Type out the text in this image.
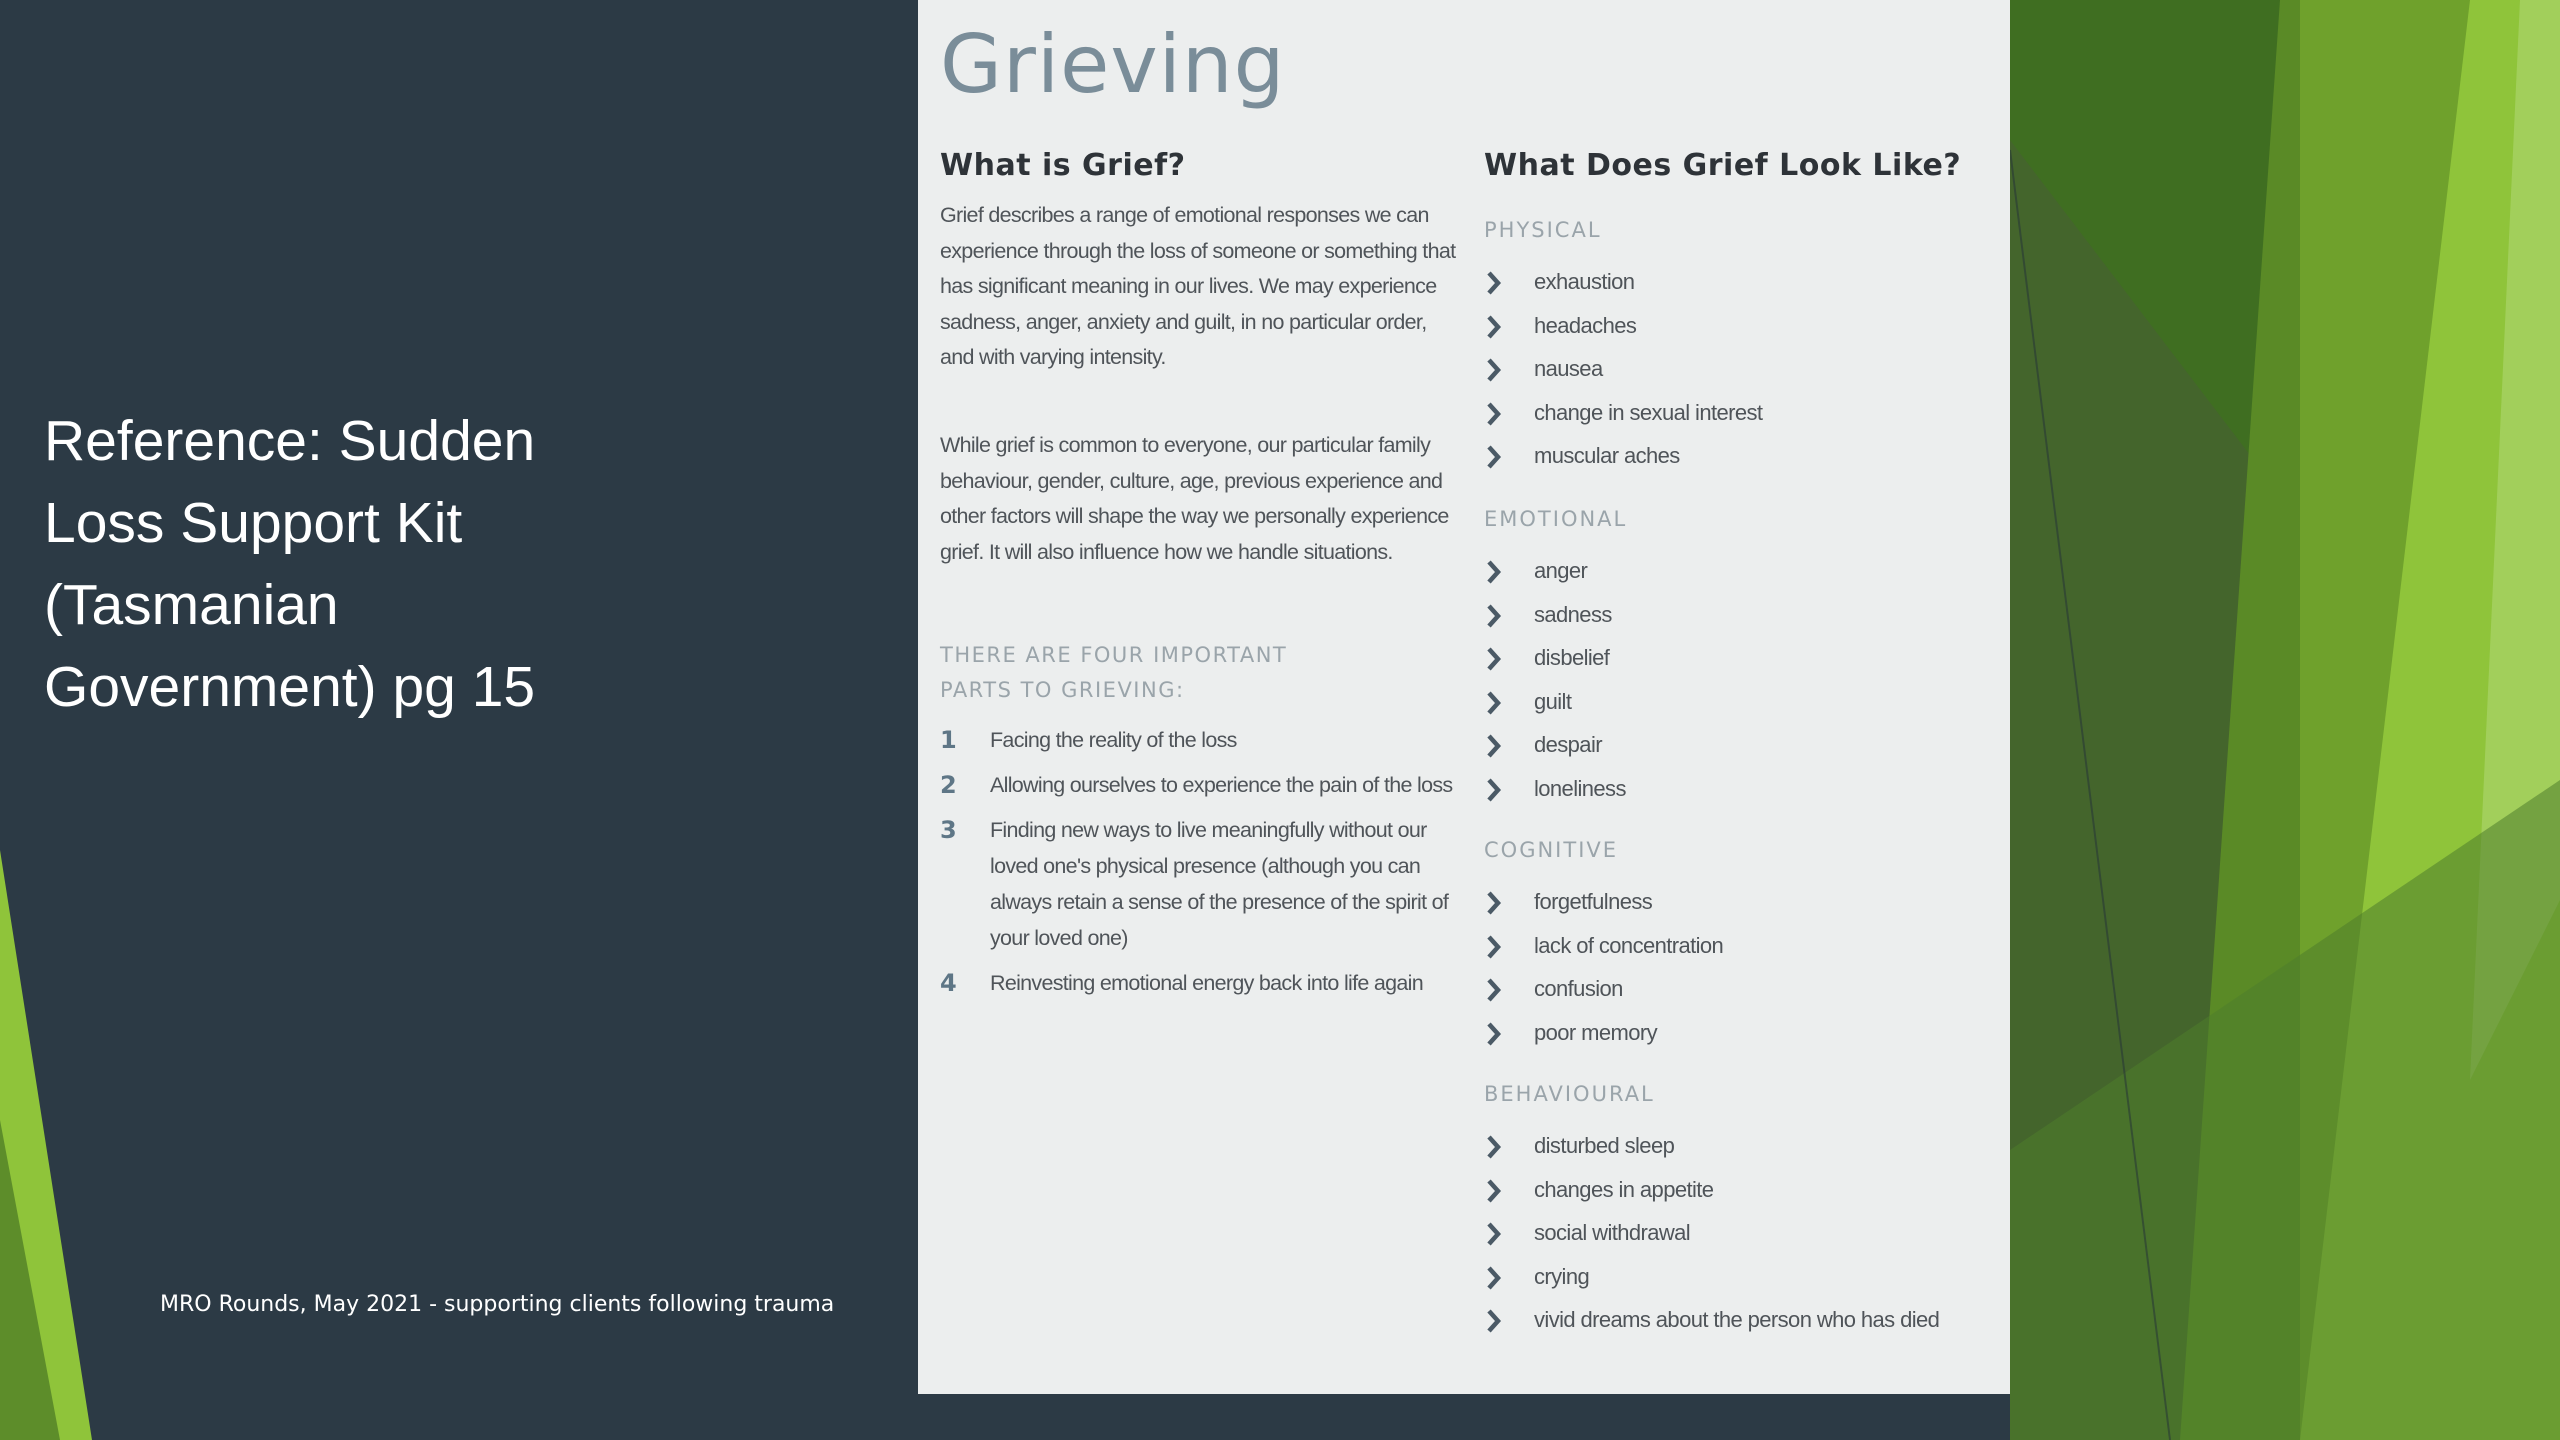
Reference: Sudden
Loss Support Kit
(Tasmanian
Government) pg 15
MRO Rounds, May 2021 - supporting clients following trauma
Grieving
What is Grief?
Grief describes a range of emotional responses we can experience through the loss of someone or something that has significant meaning in our lives. We may experience sadness, anger, anxiety and guilt, in no particular order, and with varying intensity.
While grief is common to everyone, our particular family behaviour, gender, culture, age, previous experience and other factors will shape the way we personally experience grief. It will also influence how we handle situations.
THERE ARE FOUR IMPORTANT PARTS TO GRIEVING:
1 Facing the reality of the loss
2 Allowing ourselves to experience the pain of the loss
3 Finding new ways to live meaningfully without our loved one's physical presence (although you can always retain a sense of the presence of the spirit of your loved one)
4 Reinvesting emotional energy back into life again
What Does Grief Look Like?
PHYSICAL
exhaustion
headaches
nausea
change in sexual interest
muscular aches
EMOTIONAL
anger
sadness
disbelief
guilt
despair
loneliness
COGNITIVE
forgetfulness
lack of concentration
confusion
poor memory
BEHAVIOURAL
disturbed sleep
changes in appetite
social withdrawal
crying
vivid dreams about the person who has died
